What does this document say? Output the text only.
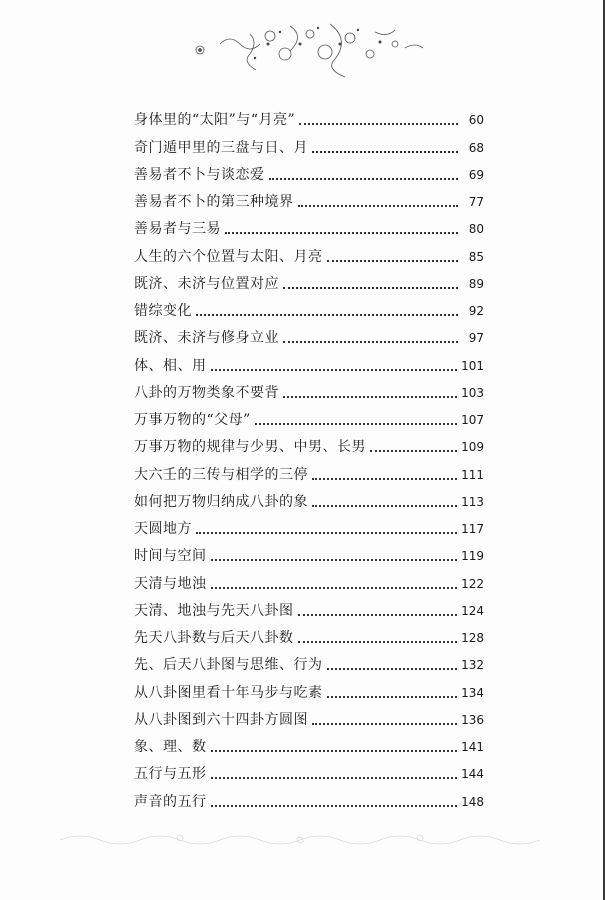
身体里的“太阳”与“月亮”	60
奇门遁甲里的三盘与日、月	68
善易者不卜与谈恋爱	69
善易者不卜的第三种境界	77
善易者与三易	80
人生的六个位置与太阳、月亮	85
既济、未济与位置对应	89
错综变化	92
既济、未济与修身立业	97
体、相、用	101
八卦的万物类象不要背	103
万事万物的“父母”	107
万事万物的规律与少男、中男、长男	109
大六壬的三传与相学的三停	111
如何把万物归纳成八卦的象	113
天圆地方	117
时间与空间	119
天清与地浊	122
天清、地浊与先天八卦图	124
先天八卦数与后天八卦数	128
先、后天八卦图与思维、行为	132
从八卦图里看十年马步与吃素	134
从八卦图到六十四卦方圆图	136
象、理、数	141
五行与五形	144
声音的五行	148
